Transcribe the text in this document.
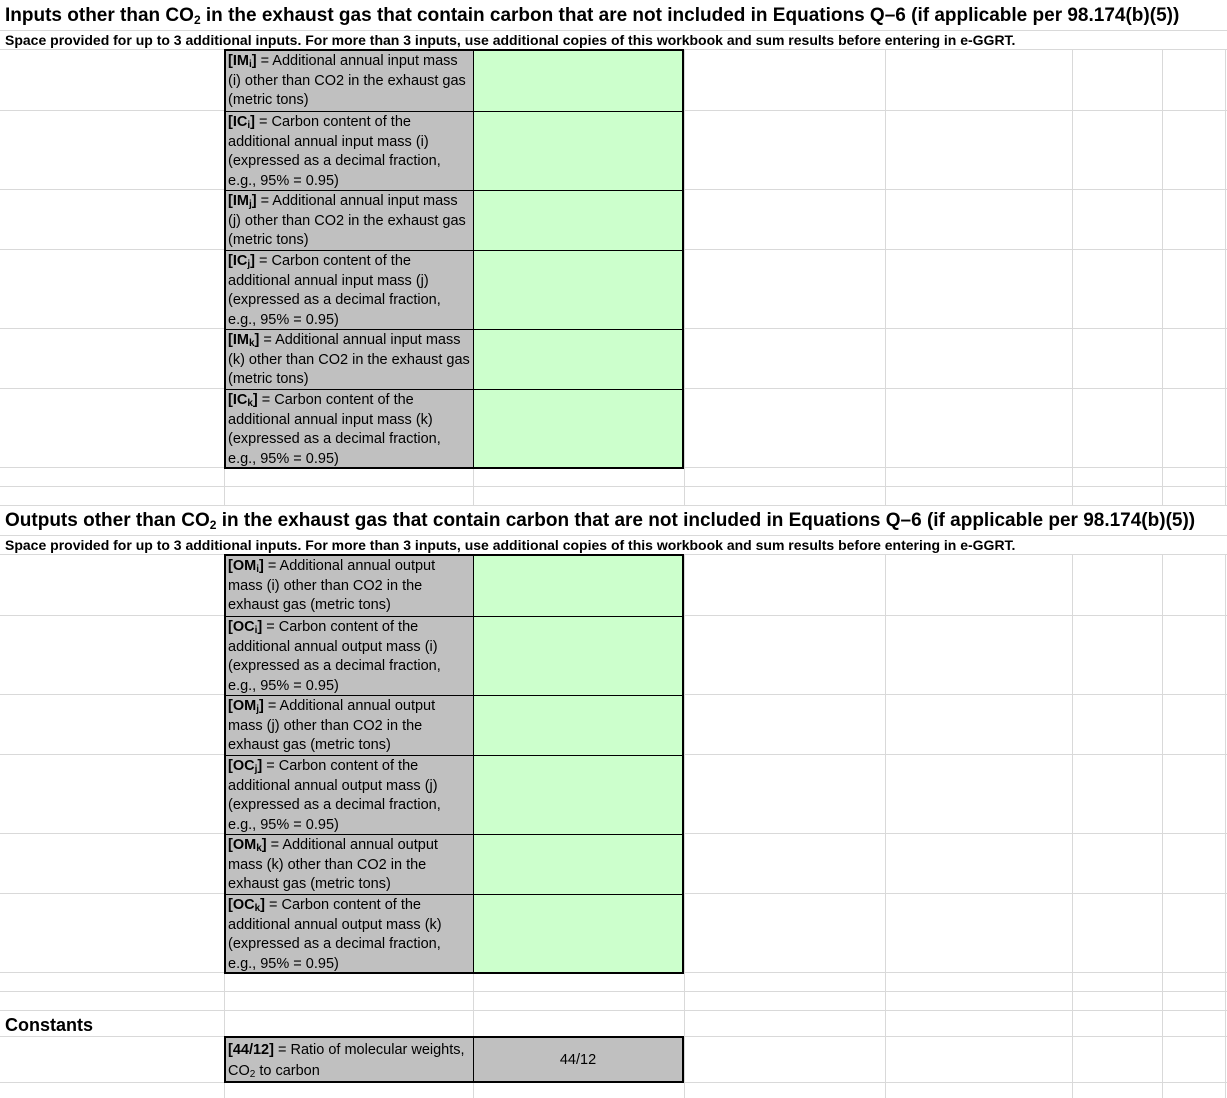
Inputs other than $CO_2$ in the exhaust gas that contain carbon that are not included in Equations Q–6 (if applicable per 98.174(b)(5))
Space provided for up to 3 additional inputs. For more than 3 inputs, use additional copies of this workbook and sum results before entering in e-GGRT.
$[IM_i]$ = Additional annual input mass (i) other than CO2 in the exhaust gas (metric tons)
$[IC_i]$ = Carbon content of the additional annual input mass (i) (expressed as a decimal fraction, e.g., 95% = 0.95)
$[IM_j]$ = Additional annual input mass (j) other than CO2 in the exhaust gas (metric tons)
$[IC_j]$ = Carbon content of the additional annual input mass (j) (expressed as a decimal fraction, e.g., 95% = 0.95)
$[IM_k]$ = Additional annual input mass (k) other than CO2 in the exhaust gas (metric tons)
$[IC_k]$ = Carbon content of the additional annual input mass (k) (expressed as a decimal fraction, e.g., 95% = 0.95)
Outputs other than $CO_2$ in the exhaust gas that contain carbon that are not included in Equations Q–6 (if applicable per 98.174(b)(5))
Space provided for up to 3 additional inputs. For more than 3 inputs, use additional copies of this workbook and sum results before entering in e-GGRT.
$[OM_i]$ = Additional annual output mass (i) other than CO2 in the exhaust gas (metric tons)
$[OC_i]$ = Carbon content of the additional annual output mass (i) (expressed as a decimal fraction, e.g., 95% = 0.95)
$[OM_j]$ = Additional annual output mass (j) other than CO2 in the exhaust gas (metric tons)
$[OC_j]$ = Carbon content of the additional annual output mass (j) (expressed as a decimal fraction, e.g., 95% = 0.95)
$[OM_k]$ = Additional annual output mass (k) other than CO2 in the exhaust gas (metric tons)
$[OC_k]$ = Carbon content of the additional annual output mass (k) (expressed as a decimal fraction, e.g., 95% = 0.95)
Constants
[44/12] = Ratio of molecular weights, $CO_2$ to carbon
44/12
